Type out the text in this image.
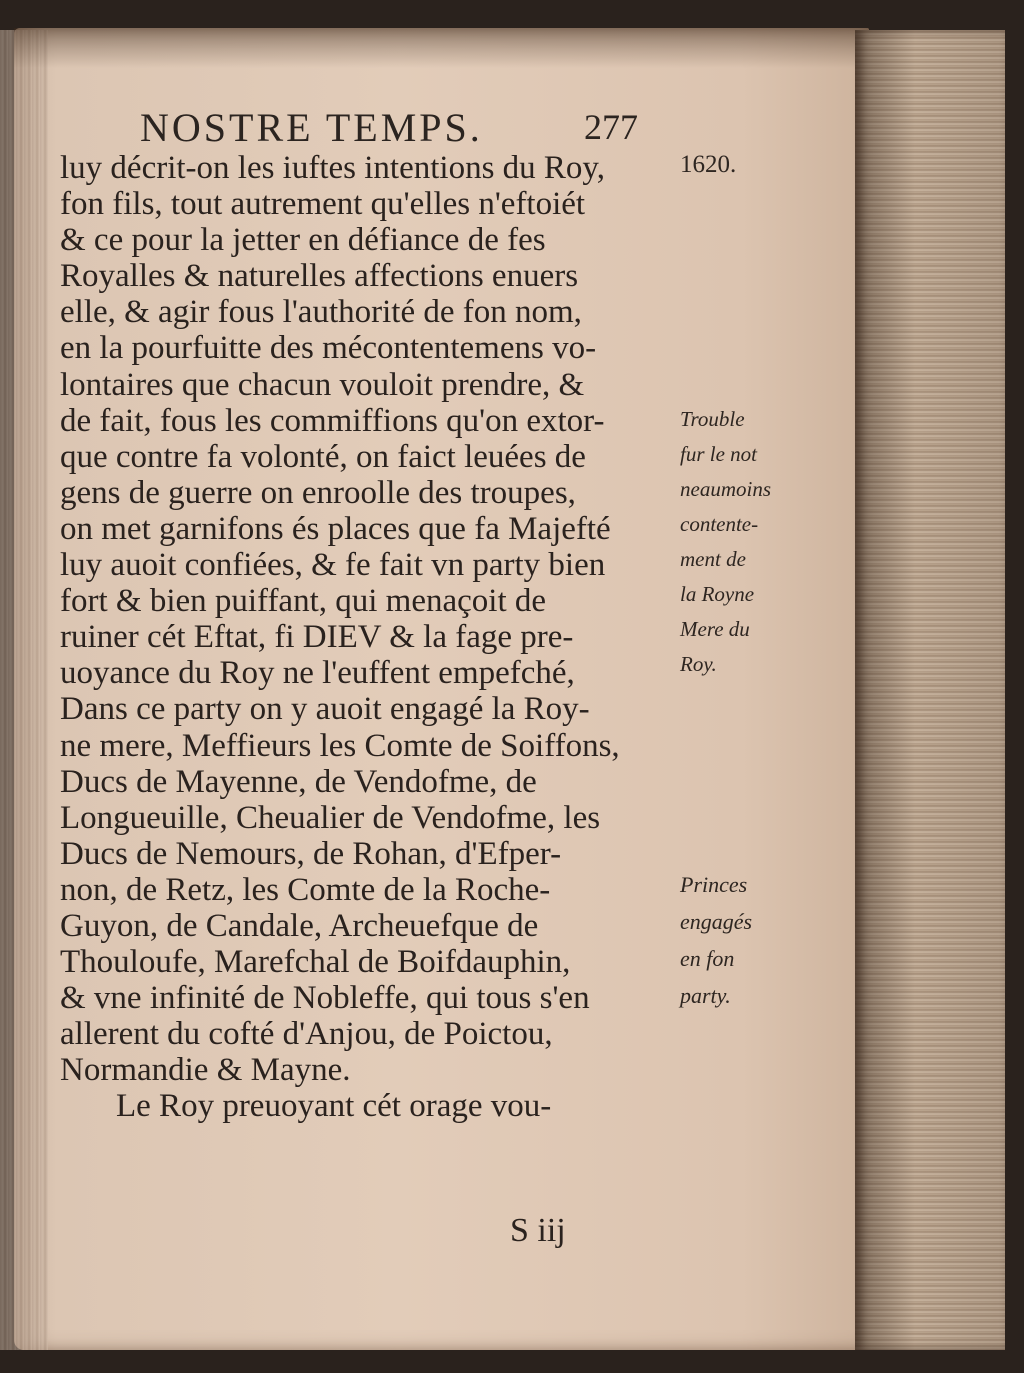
NOSTRE TEMPS.	277
1620.
luy décrit-on les iuftes intentions du Roy,
fon fils, tout autrement qu'elles n'eftoiét
& ce pour la jetter en défiance de fes
Royalles & naturelles affections enuers
elle, & agir fous l'authorité de fon nom,
en la pourfuitte des mécontentemens vo-
lontaires que chacun vouloit prendre, &
de fait, fous les commiffions qu'on extor-
que contre fa volonté, on faict leuées de
gens de guerre on enroolle des troupes,
on met garnifons és places que fa Majefté
luy auoit confiées, & fe fait vn party bien
fort & bien puiffant, qui menaçoit de
ruiner cét Eftat, fi DIEV & la fage pre-
uoyance du Roy ne l'euffent empefché,
Dans ce party on y auoit engagé la Roy-
ne mere, Meffieurs les Comte de Soiffons,
Ducs de Mayenne, de Vendofme, de
Longueuille, Cheualier de Vendofme, les
Ducs de Nemours, de Rohan, d'Efper-
non, de Retz, les Comte de la Roche-
Guyon, de Candale, Archeuefque de
Thouloufe, Marefchal de Boifdauphin,
& vne infinité de Nobleffe, qui tous s'en
allerent du cofté d'Anjou, de Poictou,
Normandie & Mayne.
Le Roy preuoyant cét orage vou-
Trouble
fur le not
neaumoins
contente-
ment de
la Royne
Mere du
Roy.
Princes
engagés
en fon
party.
S iij
